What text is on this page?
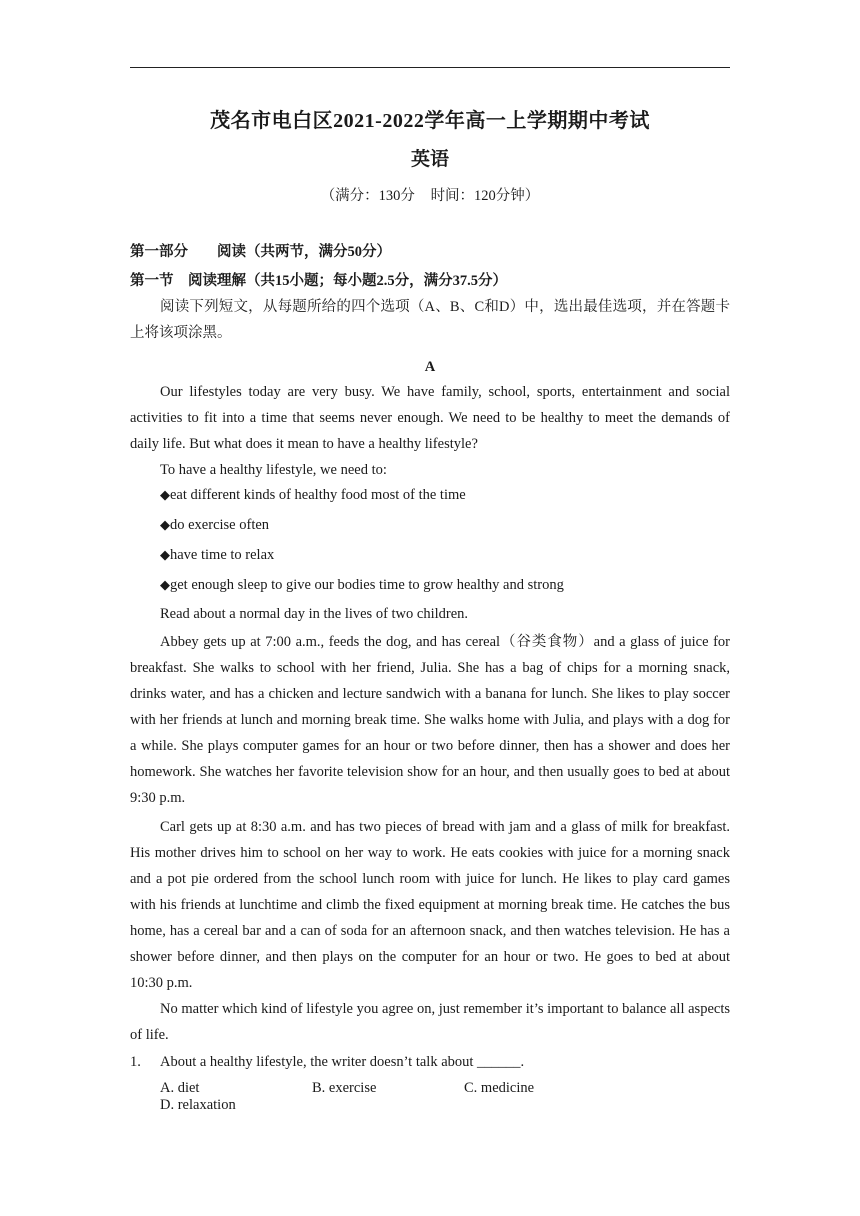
茂名市电白区2021-2022学年高一上学期期中考试
英语
（满分：130分 时间：120分钟）
第一部分　　阅读（共两节，满分50分）
第一节　阅读理解（共15小题；每小题2.5分，满分37.5分）
阅读下列短文，从每题所给的四个选项（A、B、C和D）中，选出最佳选项，并在答题卡上将该项涂黑。
A
Our lifestyles today are very busy. We have family, school, sports, entertainment and social activities to fit into a time that seems never enough. We need to be healthy to meet the demands of daily life. But what does it mean to have a healthy lifestyle?
To have a healthy lifestyle, we need to:
◆eat different kinds of healthy food most of the time
◆do exercise often
◆have time to relax
◆get enough sleep to give our bodies time to grow healthy and strong
Read about a normal day in the lives of two children.
Abbey gets up at 7:00 a.m., feeds the dog, and has cereal（谷类食物）and a glass of juice for breakfast. She walks to school with her friend, Julia. She has a bag of chips for a morning snack, drinks water, and has a chicken and lecture sandwich with a banana for lunch. She likes to play soccer with her friends at lunch and morning break time. She walks home with Julia, and plays with a dog for a while. She plays computer games for an hour or two before dinner, then has a shower and does her homework. She watches her favorite television show for an hour, and then usually goes to bed at about 9:30 p.m.
Carl gets up at 8:30 a.m. and has two pieces of bread with jam and a glass of milk for breakfast. His mother drives him to school on her way to work. He eats cookies with juice for a morning snack and a pot pie ordered from the school lunch room with juice for lunch. He likes to play card games with his friends at lunchtime and climb the fixed equipment at morning break time. He catches the bus home, has a cereal bar and a can of soda for an afternoon snack, and then watches television. He has a shower before dinner, and then plays on the computer for an hour or two. He goes to bed at about 10:30 p.m.
No matter which kind of lifestyle you agree on, just remember it’s important to balance all aspects of life.
1. About a healthy lifestyle, the writer doesn’t talk about ______.
A. diet	B. exercise	C. medicineD. relaxation
